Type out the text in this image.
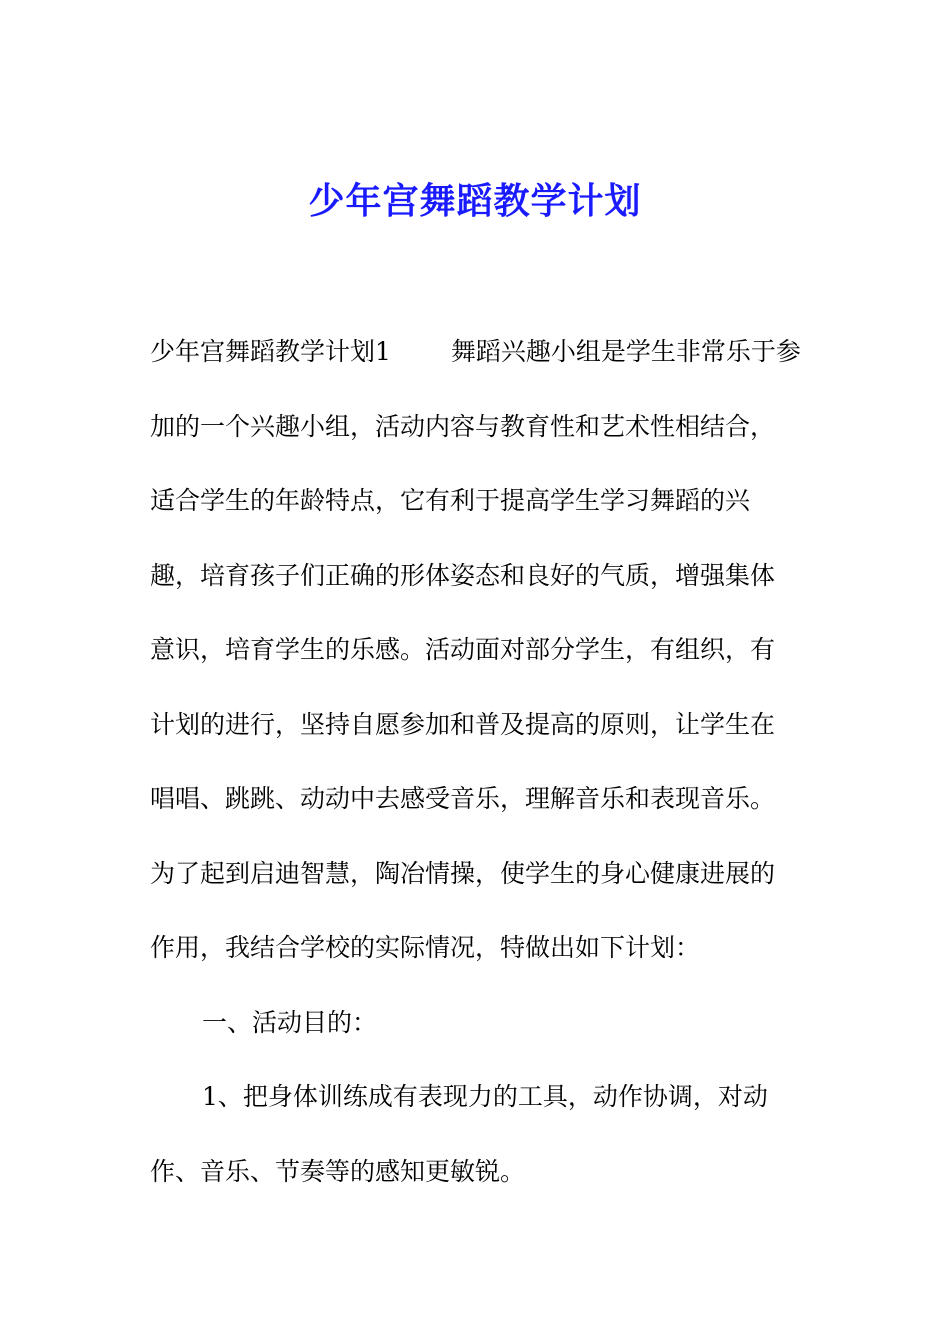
少年宫舞蹈教学计划
少年宫舞蹈教学计划1 舞蹈兴趣小组是学生非常乐于参
加的一个兴趣小组，活动内容与教育性和艺术性相结合，
适合学生的年龄特点，它有利于提高学生学习舞蹈的兴
趣，培育孩子们正确的形体姿态和良好的气质，增强集体
意识，培育学生的乐感。活动面对部分学生，有组织，有
计划的进行，坚持自愿参加和普及提高的原则，让学生在
唱唱、跳跳、动动中去感受音乐，理解音乐和表现音乐。
为了起到启迪智慧，陶冶情操，使学生的身心健康进展的
作用，我结合学校的实际情况，特做出如下计划：
一、活动目的：
1、把身体训练成有表现力的工具，动作协调，对动
作、音乐、节奏等的感知更敏锐。
